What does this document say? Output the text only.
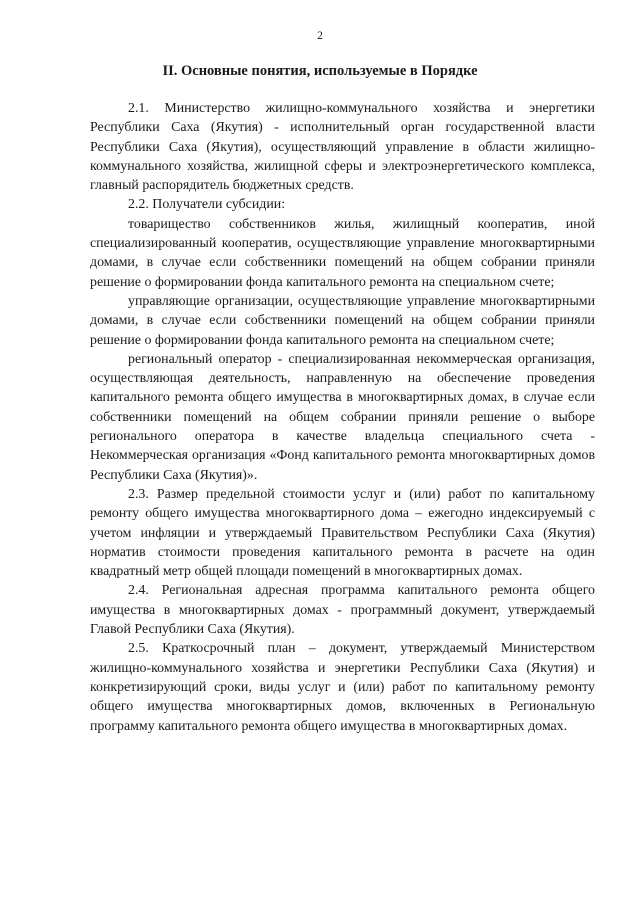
2
II. Основные понятия, используемые в Порядке

2.1. Министерство жилищно-коммунального хозяйства и энергетики Республики Саха (Якутия) - исполнительный орган государственной власти Республики Саха (Якутия), осуществляющий управление в области жилищно-коммунального хозяйства, жилищной сферы и электроэнергетического комплекса, главный распорядитель бюджетных средств.

2.2. Получатели субсидии:

товарищество собственников жилья, жилищный кооператив, иной специализированный кооператив, осуществляющие управление многоквартирными домами, в случае если собственники помещений на общем собрании приняли решение о формировании фонда капитального ремонта на специальном счете;

управляющие организации, осуществляющие управление многоквартирными домами, в случае если собственники помещений на общем собрании приняли решение о формировании фонда капитального ремонта на специальном счете;

региональный оператор - специализированная некоммерческая организация, осуществляющая деятельность, направленную на обеспечение проведения капитального ремонта общего имущества в многоквартирных домах, в случае если собственники помещений на общем собрании приняли решение о выборе регионального оператора в качестве владельца специального счета - Некоммерческая организация «Фонд капитального ремонта многоквартирных домов Республики Саха (Якутия)».

2.3. Размер предельной стоимости услуг и (или) работ по капитальному ремонту общего имущества многоквартирного дома – ежегодно индексируемый с учетом инфляции и утверждаемый Правительством Республики Саха (Якутия) норматив стоимости проведения капитального ремонта в расчете на один квадратный метр общей площади помещений в многоквартирных домах.

2.4. Региональная адресная программа капитального ремонта общего имущества в многоквартирных домах - программный документ, утверждаемый Главой Республики Саха (Якутия).

2.5. Краткосрочный план – документ, утверждаемый Министерством жилищно-коммунального хозяйства и энергетики Республики Саха (Якутия) и конкретизирующий сроки, виды услуг и (или) работ по капитальному ремонту общего имущества многоквартирных домов, включенных в Региональную программу капитального ремонта общего имущества в многоквартирных домах.
